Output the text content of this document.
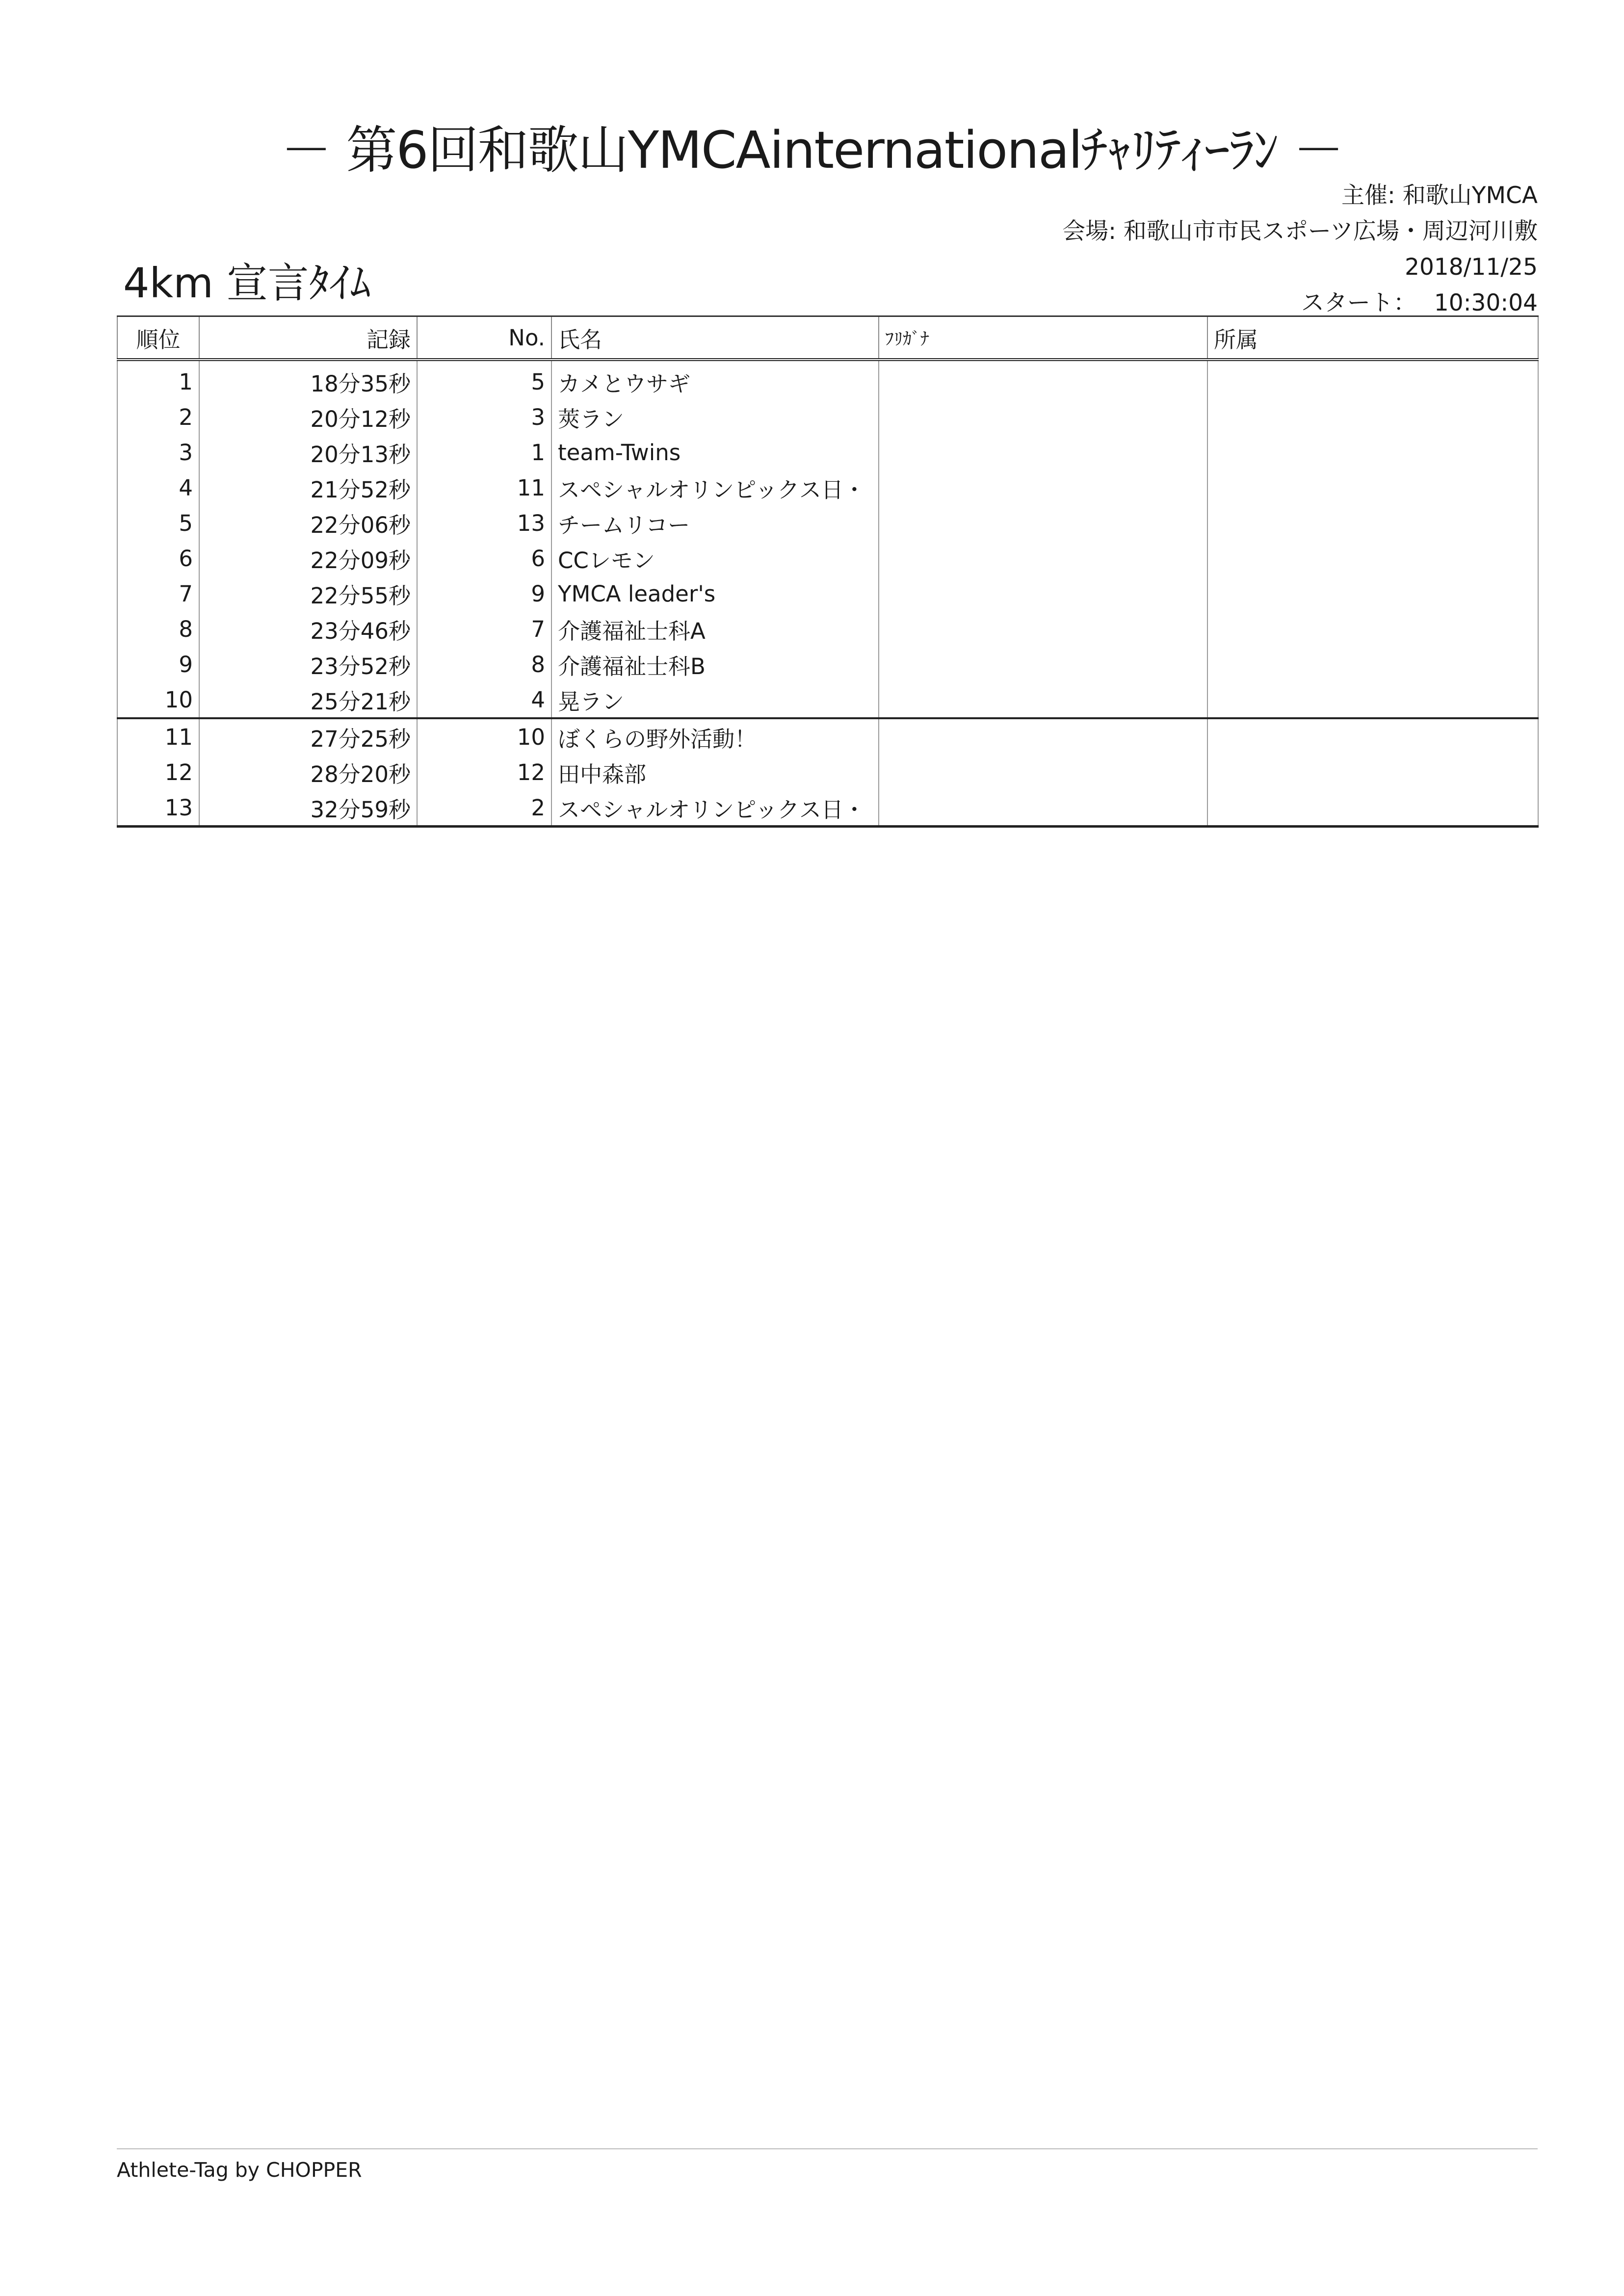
－ 第6回和歌山YMCAinternationalﾁｬﾘﾃｨｰﾗﾝ －
主催: 和歌山YMCA
会場: 和歌山市市民スポーツ広場・周辺河川敷
2018/11/25
スタート： 10:30:04
4km 宣言ﾀｲﾑ
順位	記録	No.	氏名	ﾌﾘｶﾞﾅ	所属
1	18分35秒	5	カメとウサギ		
2	20分12秒	3	莢ラン		
3	20分13秒	1	team-Twins		
4	21分52秒	11	スペシャルオリンピックス日・		
5	22分06秒	13	チームリコー		
6	22分09秒	6	CCレモン		
7	22分55秒	9	YMCA leader's		
8	23分46秒	7	介護福祉士科A		
9	23分52秒	8	介護福祉士科B		
10	25分21秒	4	晃ラン		
11	27分25秒	10	ぼくらの野外活動！		
12	28分20秒	12	田中森部		
13	32分59秒	2	スペシャルオリンピックス日・		
Athlete-Tag by CHOPPER
